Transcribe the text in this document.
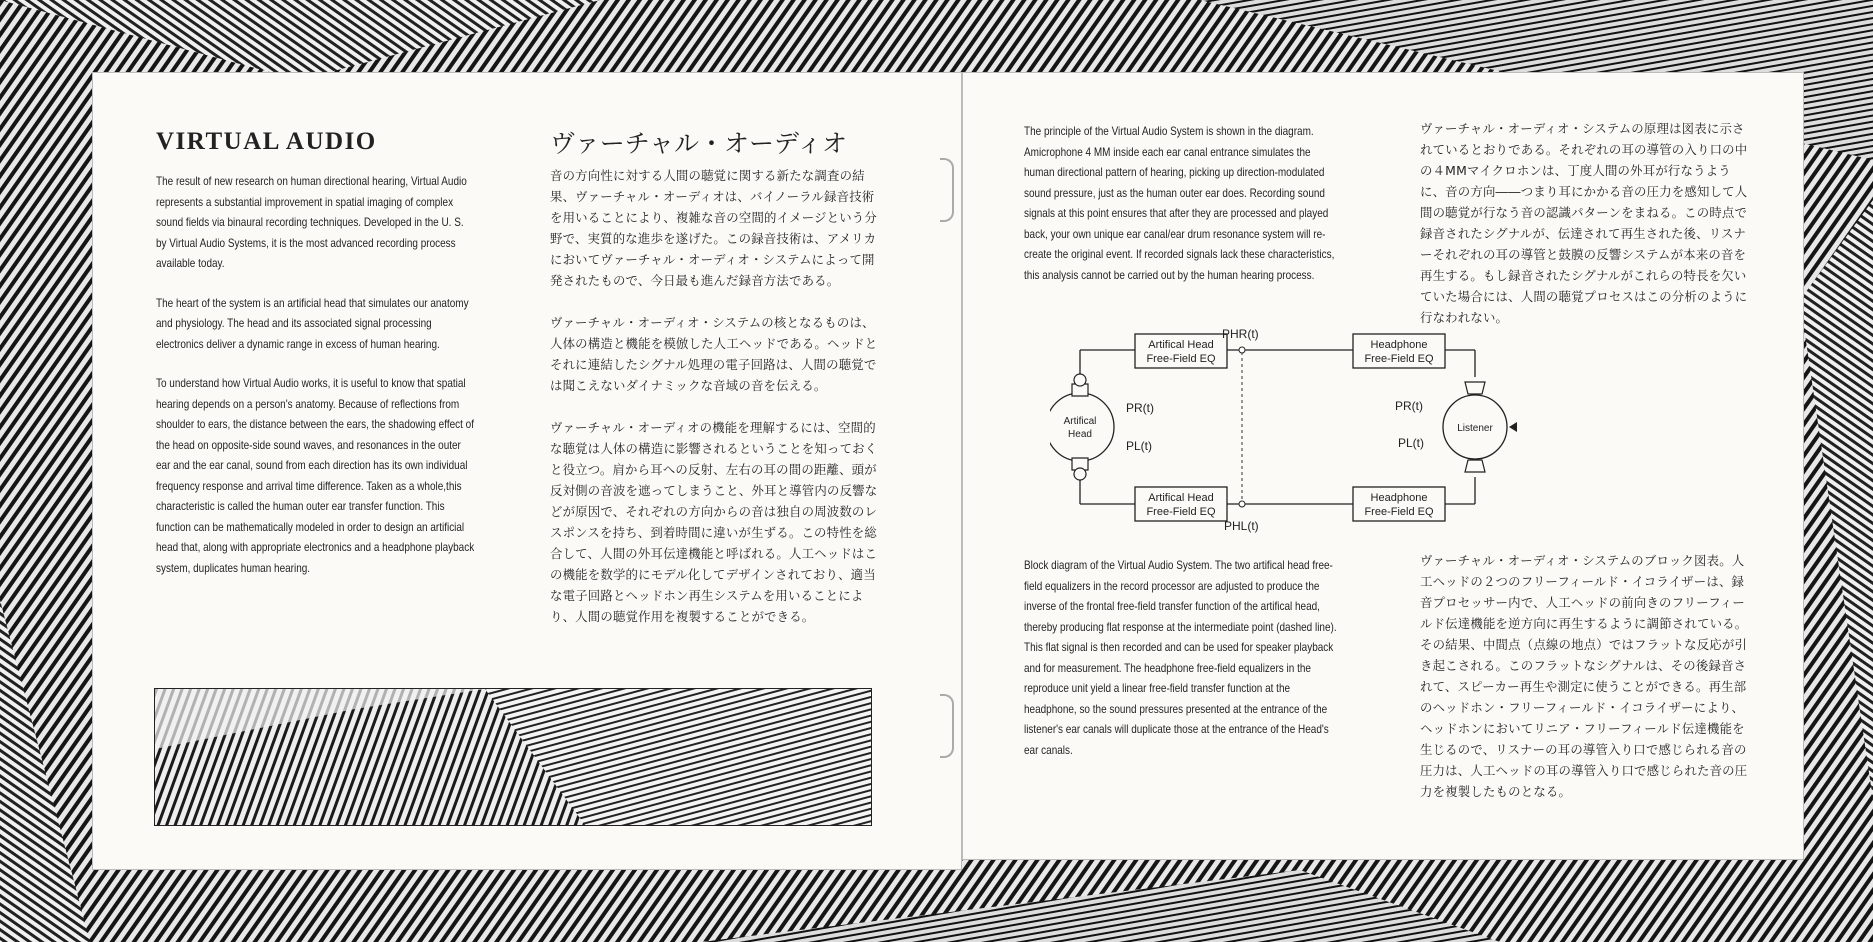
VIRTUAL AUDIO	ヴァーチャル・オーディオ

The result of new research on human directional hearing, Virtual Audio represents a substantial improvement in spatial imaging of complex sound fields via binaural recording techniques. Developed in the U. S. by Virtual Audio Systems, it is the most advanced recording process available today.

The heart of the system is an artificial head that simulates our anatomy and physiology. The head and its associated signal processing electronics deliver a dynamic range in excess of human hearing.

To understand how Virtual Audio works, it is useful to know that spatial hearing depends on a person's anatomy. Because of reflections from shoulder to ears, the distance between the ears, the shadowing effect of the head on opposite-side sound waves, and resonances in the outer ear and the ear canal, sound from each direction has its own individual frequency response and arrival time difference. Taken as a whole,this characteristic is called the human outer ear transfer function. This function can be mathematically modeled in order to design an artificial head that, along with appropriate electronics and a headphone playback system, duplicates human hearing.

音の方向性に対する人間の聴覚に関する新たな調査の結果、ヴァーチャル・オーディオは、バイノーラル録音技術を用いることにより、複雑な音の空間的イメージという分野で、実質的な進歩を遂げた。この録音技術は、アメリカにおいてヴァーチャル・オーディオ・システムによって開発されたもので、今日最も進んだ録音方法である。

ヴァーチャル・オーディオ・システムの核となるものは、人体の構造と機能を模倣した人工ヘッドである。ヘッドとそれに連結したシグナル処理の電子回路は、人間の聴覚では聞こえないダイナミックな音域の音を伝える。

ヴァーチャル・オーディオの機能を理解するには、空間的な聴覚は人体の構造に影響されるということを知っておくと役立つ。肩から耳への反射、左右の耳の間の距離、頭が反対側の音波を遮ってしまうこと、外耳と導管内の反響などが原因で、それぞれの方向からの音は独自の周波数のレスポンスを持ち、到着時間に違いが生ずる。この特性を総合して、人間の外耳伝達機能と呼ばれる。人工ヘッドはこの機能を数学的にモデル化してデザインされており、適当な電子回路とヘッドホン再生システムを用いることにより、人間の聴覚作用を複製することができる。

The principle of the Virtual Audio System is shown in the diagram. Amicrophone 4 MM inside each ear canal entrance simulates the human directional pattern of hearing, picking up direction-modulated sound pressure, just as the human outer ear does. Recording sound signals at this point ensures that after they are processed and played back, your own unique ear canal/ear drum resonance system will re-create the original event. If recorded signals lack these characteristics, this analysis cannot be carried out by the human hearing process.

ヴァーチャル・オーディオ・システムの原理は図表に示されているとおりである。それぞれの耳の導管の入り口の中の４MMマイクロホンは、丁度人間の外耳が行なうように、音の方向――つまり耳にかかる音の圧力を感知して人間の聴覚が行なう音の認識パターンをまねる。この時点で録音されたシグナルが、伝達されて再生された後、リスナーそれぞれの耳の導管と鼓膜の反響システムが本来の音を再生する。もし録音されたシグナルがこれらの特長を欠いていた場合には、人間の聴覚プロセスはこの分析のように行なわれない。

Artifical Head
Free-Field EQ
Artifical Head
Free-Field EQ
Headphone
Free-Field EQ
Headphone
Free-Field EQ
Artifical
Head
Listener
PHR(t)
PHL(t)
PR(t)
PL(t)
PR(t)
PL(t)

Block diagram of the Virtual Audio System. The two artifical head free-field equalizers in the record processor are adjusted to produce the inverse of the frontal free-field transfer function of the artifical head, thereby producing flat response at the intermediate point (dashed line). This flat signal is then recorded and can be used for speaker playback and for measurement. The headphone free-field equalizers in the reproduce unit yield a linear free-field transfer function at the headphone, so the sound pressures presented at the entrance of the listener's ear canals will duplicate those at the entrance of the Head's ear canals.

ヴァーチャル・オーディオ・システムのブロック図表。人工ヘッドの２つのフリーフィールド・イコライザーは、録音プロセッサー内で、人工ヘッドの前向きのフリーフィールド伝達機能を逆方向に再生するように調節されている。その結果、中間点（点線の地点）ではフラットな反応が引き起こされる。このフラットなシグナルは、その後録音されて、スピーカー再生や測定に使うことができる。再生部のヘッドホン・フリーフィールド・イコライザーにより、ヘッドホンにおいてリニア・フリーフィールド伝達機能を生じるので、リスナーの耳の導管入り口で感じられる音の圧力は、人工ヘッドの耳の導管入り口で感じられた音の圧力を複製したものとなる。
